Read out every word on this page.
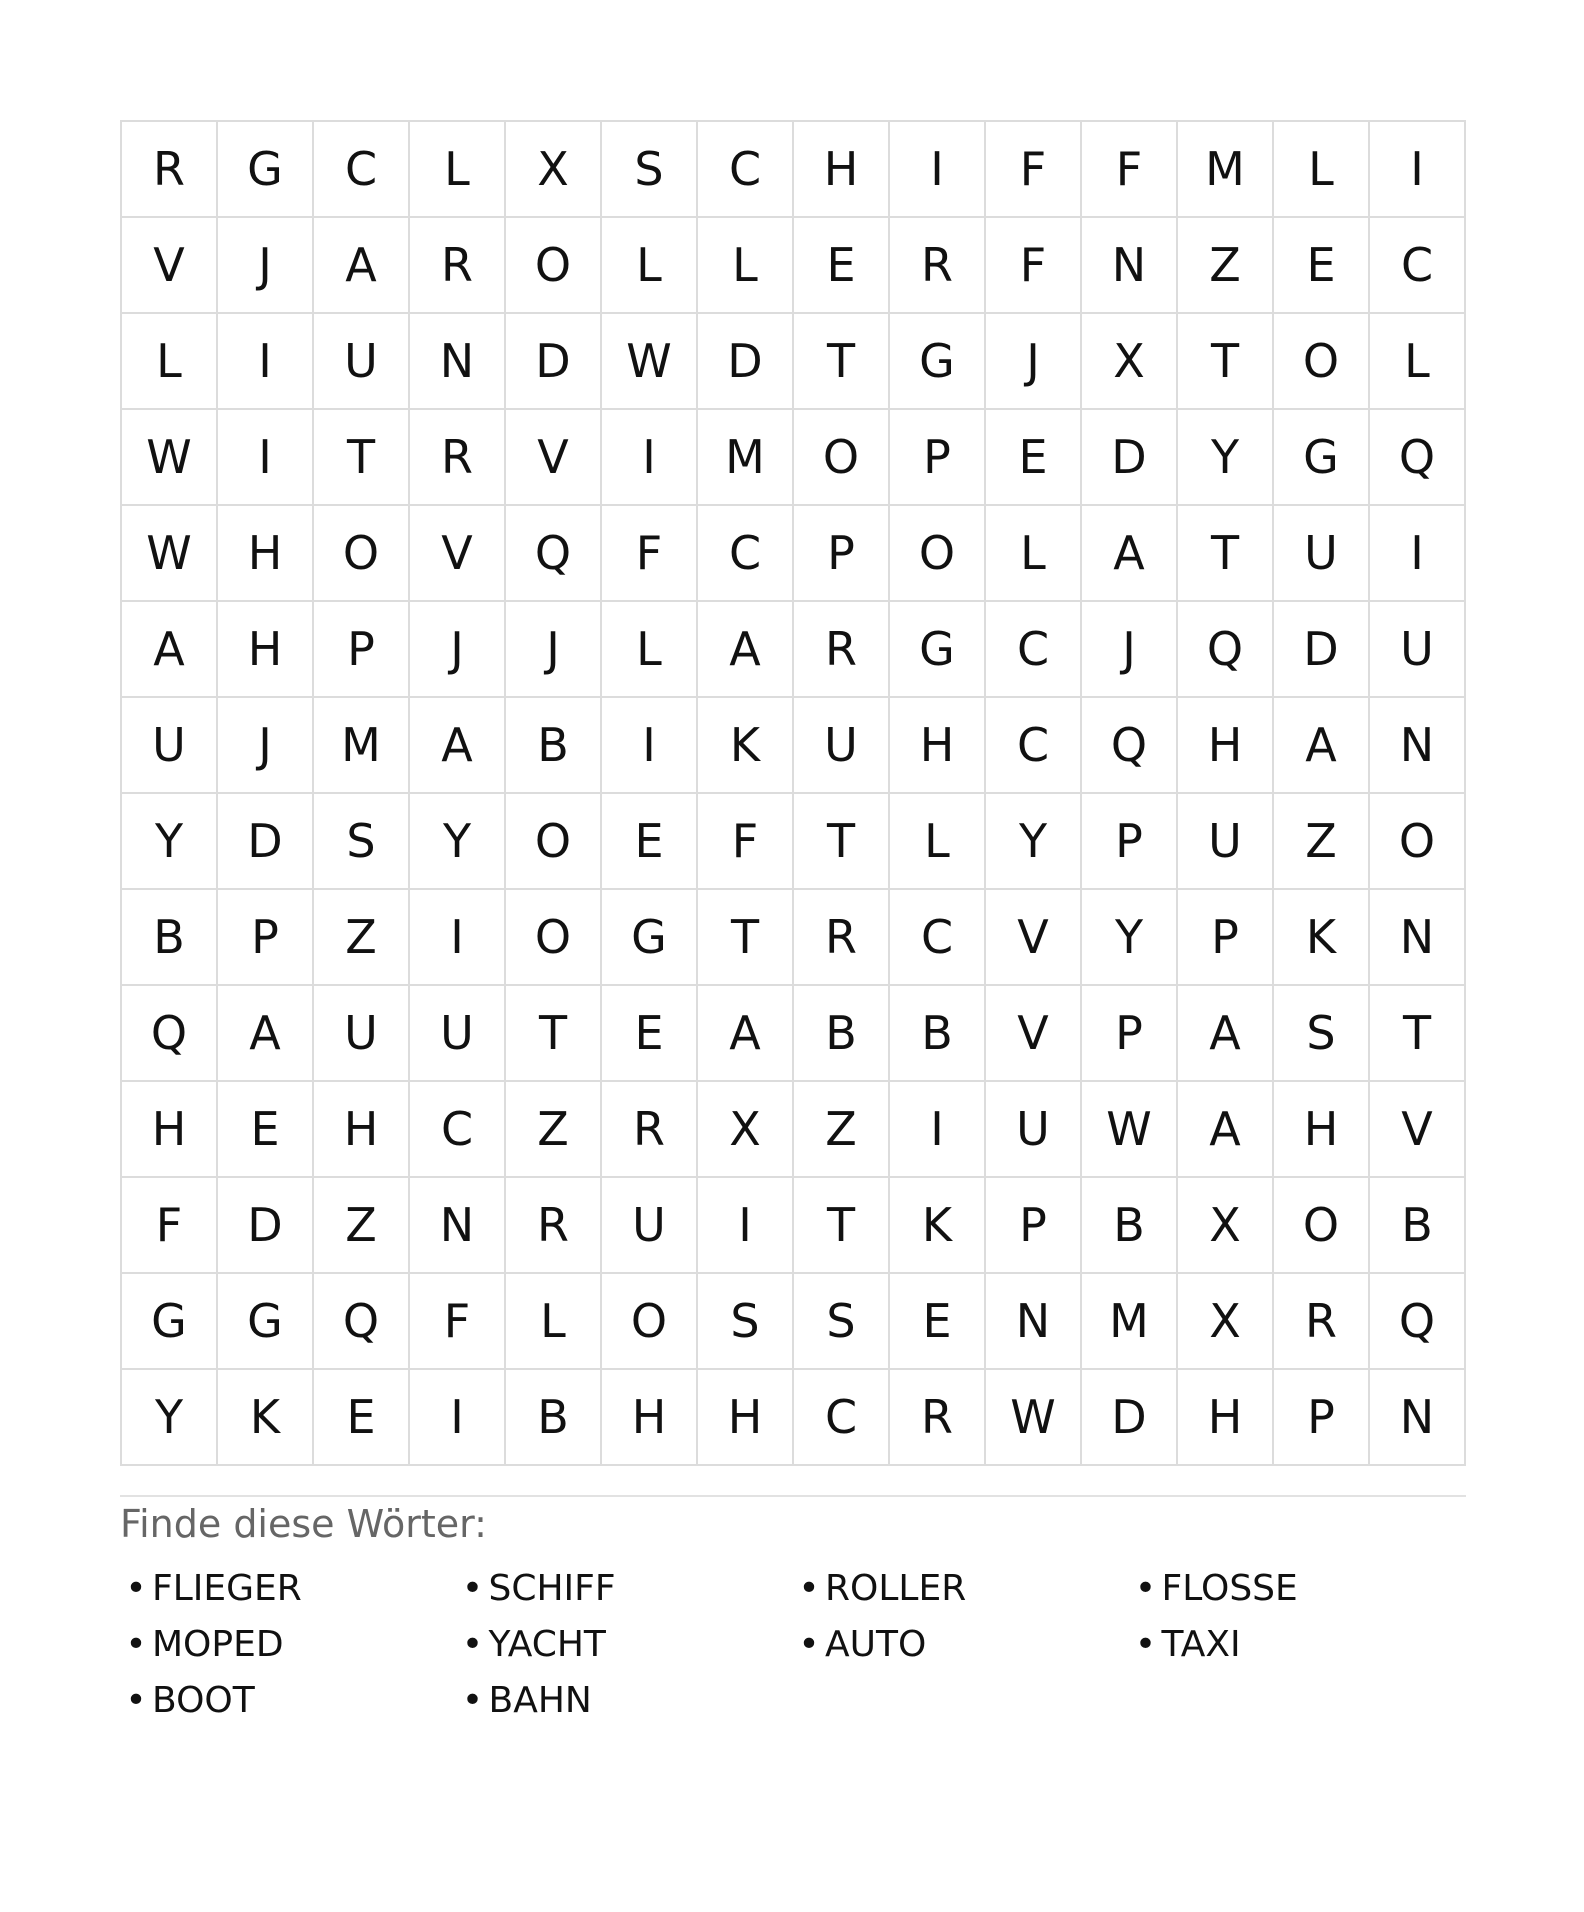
R	G	C	L	X	S	C	H	I	F	F	M	L	I
V	J	A	R	O	L	L	E	R	F	N	Z	E	C
L	I	U	N	D	W	D	T	G	J	X	T	O	L
W	I	T	R	V	I	M	O	P	E	D	Y	G	Q
W	H	O	V	Q	F	C	P	O	L	A	T	U	I
A	H	P	J	J	L	A	R	G	C	J	Q	D	U
U	J	M	A	B	I	K	U	H	C	Q	H	A	N
Y	D	S	Y	O	E	F	T	L	Y	P	U	Z	O
B	P	Z	I	O	G	T	R	C	V	Y	P	K	N
Q	A	U	U	T	E	A	B	B	V	P	A	S	T
H	E	H	C	Z	R	X	Z	I	U	W	A	H	V
F	D	Z	N	R	U	I	T	K	P	B	X	O	B
G	G	Q	F	L	O	S	S	E	N	M	X	R	Q
Y	K	E	I	B	H	H	C	R	W	D	H	P	N
Finde diese Wörter:
• FLIEGER	• SCHIFF	• ROLLER	• FLOSSE
• MOPED	• YACHT	• AUTO	• TAXI
• BOOT	• BAHN
